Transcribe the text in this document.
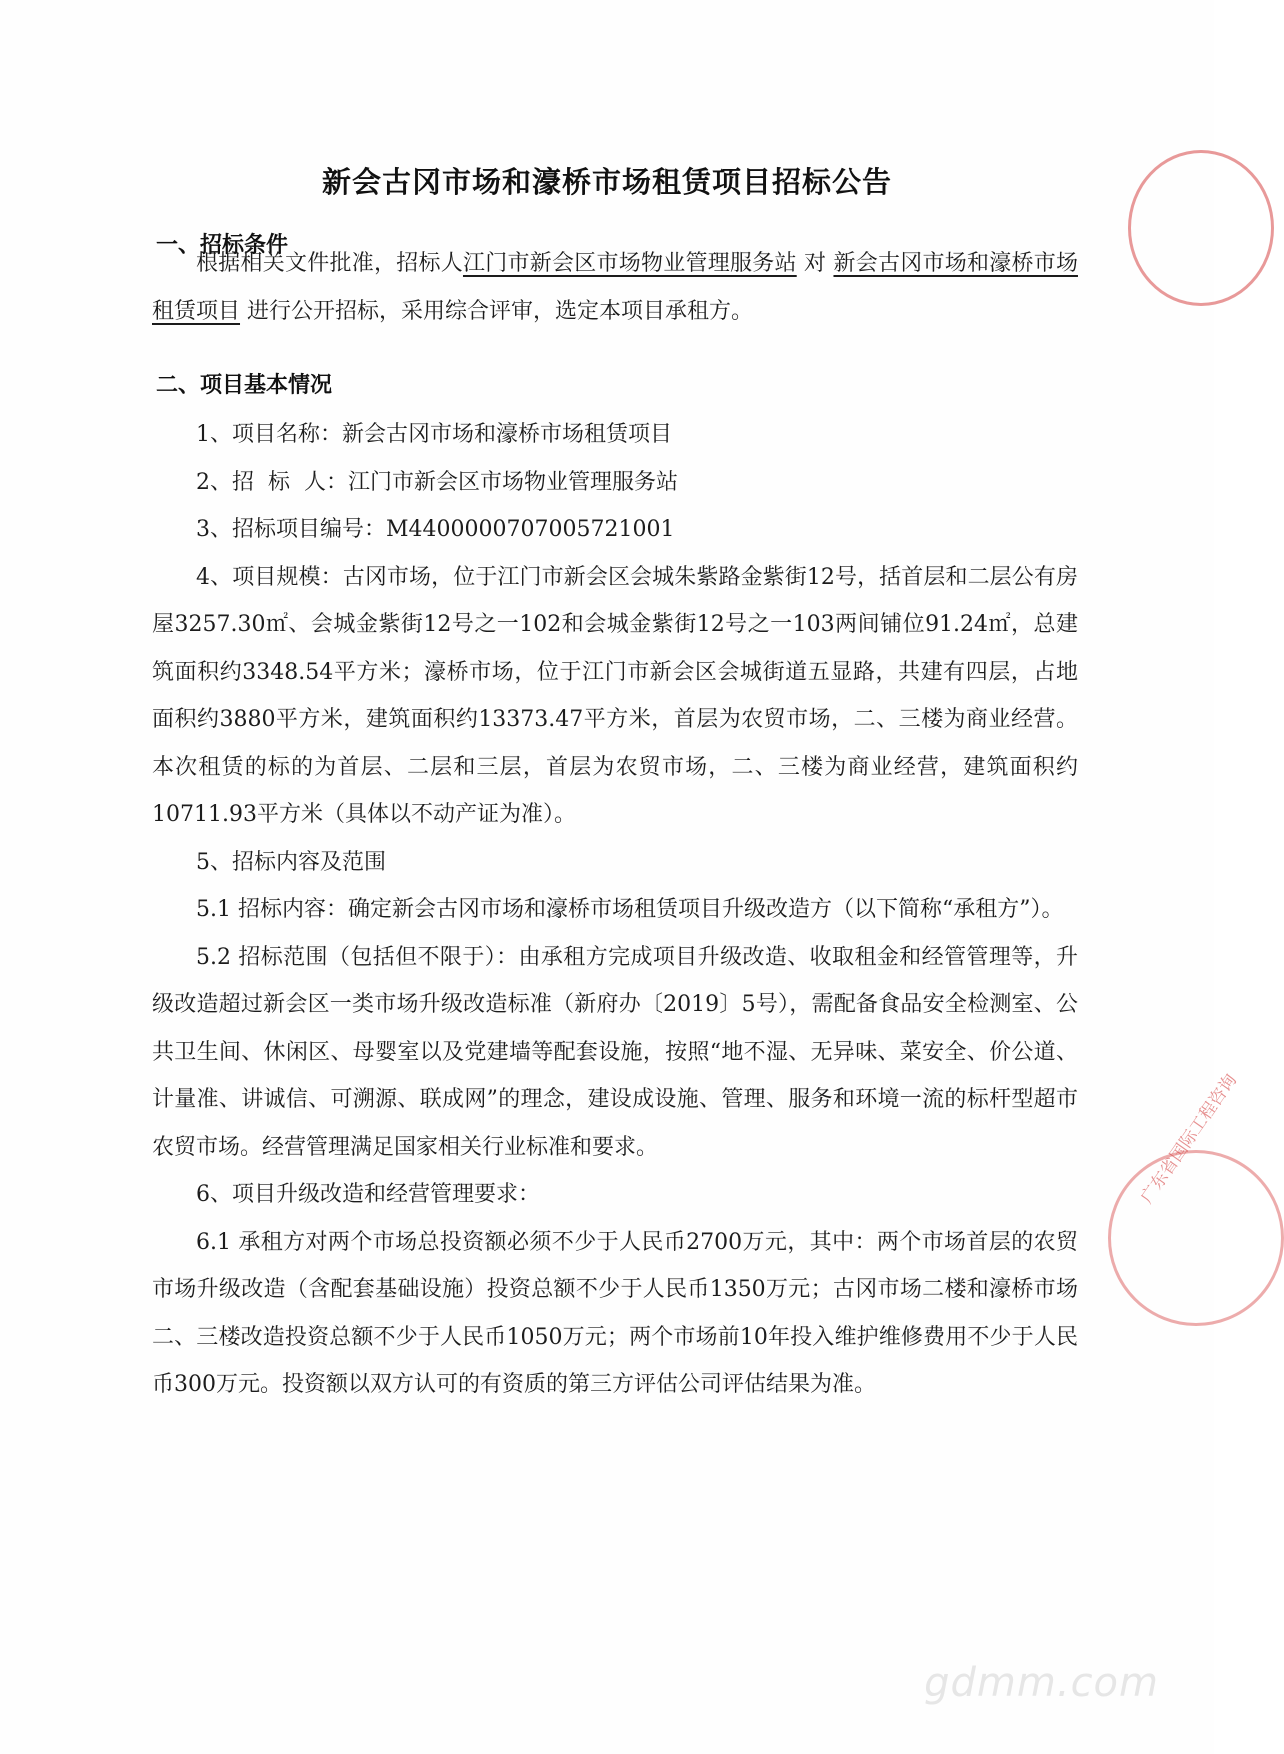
广东省国际工程咨询
新会古冈市场和濠桥市场租赁项目招标公告
一、招标条件

根据相关文件批准，招标人江门市新会区市场物业管理服务站 对 新会古冈市场和濠桥市场租赁项目 进行公开招标，采用综合评审，选定本项目承租方。

二、项目基本情况

1、项目名称：新会古冈市场和濠桥市场租赁项目

2、招  标  人：江门市新会区市场物业管理服务站

3、招标项目编号：M4400000707005721001

4、项目规模：古冈市场，位于江门市新会区会城朱紫路金紫街12号，括首层和二层公有房屋3257.30㎡、会城金紫街12号之一102和会城金紫街12号之一103两间铺位91.24㎡，总建筑面积约3348.54平方米；濠桥市场，位于江门市新会区会城街道五显路，共建有四层，占地面积约3880平方米，建筑面积约13373.47平方米，首层为农贸市场，二、三楼为商业经营。本次租赁的标的为首层、二层和三层，首层为农贸市场，二、三楼为商业经营，建筑面积约10711.93平方米（具体以不动产证为准）。

5、招标内容及范围

5.1 招标内容：确定新会古冈市场和濠桥市场租赁项目升级改造方（以下简称“承租方”）。

5.2 招标范围（包括但不限于）：由承租方完成项目升级改造、收取租金和经管管理等，升级改造超过新会区一类市场升级改造标准（新府办〔2019〕5号），需配备食品安全检测室、公共卫生间、休闲区、母婴室以及党建墙等配套设施，按照“地不湿、无异味、菜安全、价公道、计量准、讲诚信、可溯源、联成网”的理念，建设成设施、管理、服务和环境一流的标杆型超市农贸市场。经营管理满足国家相关行业标准和要求。

6、项目升级改造和经营管理要求：

6.1 承租方对两个市场总投资额必须不少于人民币2700万元，其中：两个市场首层的农贸市场升级改造（含配套基础设施）投资总额不少于人民币1350万元；古冈市场二楼和濠桥市场二、三楼改造投资总额不少于人民币1050万元；两个市场前10年投入维护维修费用不少于人民币300万元。投资额以双方认可的有资质的第三方评估公司评估结果为准。

gdmm.com
